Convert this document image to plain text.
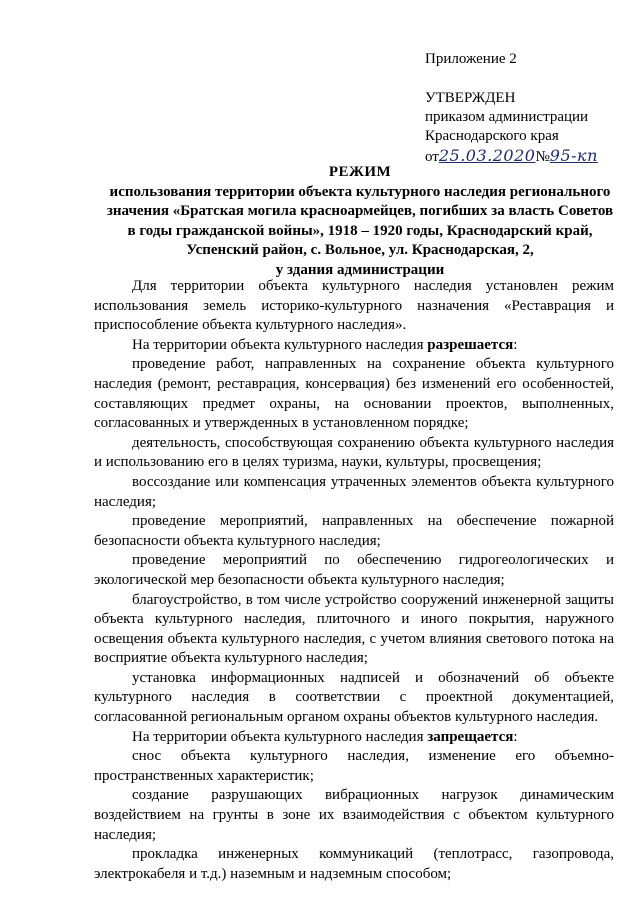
Приложение 2
УТВЕРЖДЕН
приказом администрации
Краснодарского края
от25.03.2020№95-кп
РЕЖИМ
использования территории объекта культурного наследия регионального
значения «Братская могила красноармейцев, погибших за власть Советов
в годы гражданской войны», 1918 – 1920 годы, Краснодарский край,
Успенский район, с. Вольное, ул. Краснодарская, 2,
у здания администрации

Для территории объекта культурного наследия установлен режим использования земель историко-культурного назначения «Реставрация и приспособление объекта культурного наследия».

На территории объекта культурного наследия разрешается:

проведение работ, направленных на сохранение объекта культурного наследия (ремонт, реставрация, консервация) без изменений его особенностей, составляющих предмет охраны, на основании проектов, выполненных, согласованных и утвержденных в установленном порядке;

деятельность, способствующая сохранению объекта культурного наследия и использованию его в целях туризма, науки, культуры, просвещения;

воссоздание или компенсация утраченных элементов объекта культурного наследия;

проведение мероприятий, направленных на обеспечение пожарной безопасности объекта культурного наследия;

проведение мероприятий по обеспечению гидрогеологических и экологической мер безопасности объекта культурного наследия;

благоустройство, в том числе устройство сооружений инженерной защиты объекта культурного наследия, плиточного и иного покрытия, наружного освещения объекта культурного наследия, с учетом влияния светового потока на восприятие объекта культурного наследия;

установка информационных надписей и обозначений об объекте культурного наследия в соответствии с проектной документацией, согласованной региональным органом охраны объектов культурного наследия.

На территории объекта культурного наследия запрещается:

снос объекта культурного наследия, изменение его объемно-пространственных характеристик;

создание разрушающих вибрационных нагрузок динамическим воздействием на грунты в зоне их взаимодействия с объектом культурного наследия;

прокладка инженерных коммуникаций (теплотрасс, газопровода, электрокабеля и т.д.) наземным и надземным способом;
